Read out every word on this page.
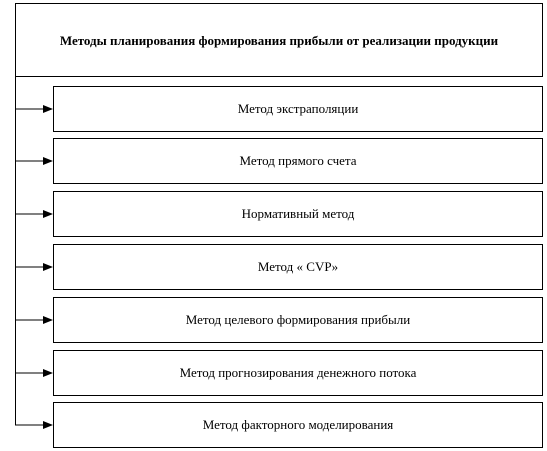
Методы планирования формирования прибыли от реализации продукции
Метод экстраполяции
Метод прямого счета
Нормативный метод
Метод « CVP»
Метод целевого формирования прибыли
Метод прогнозирования денежного потока
Метод факторного моделирования
